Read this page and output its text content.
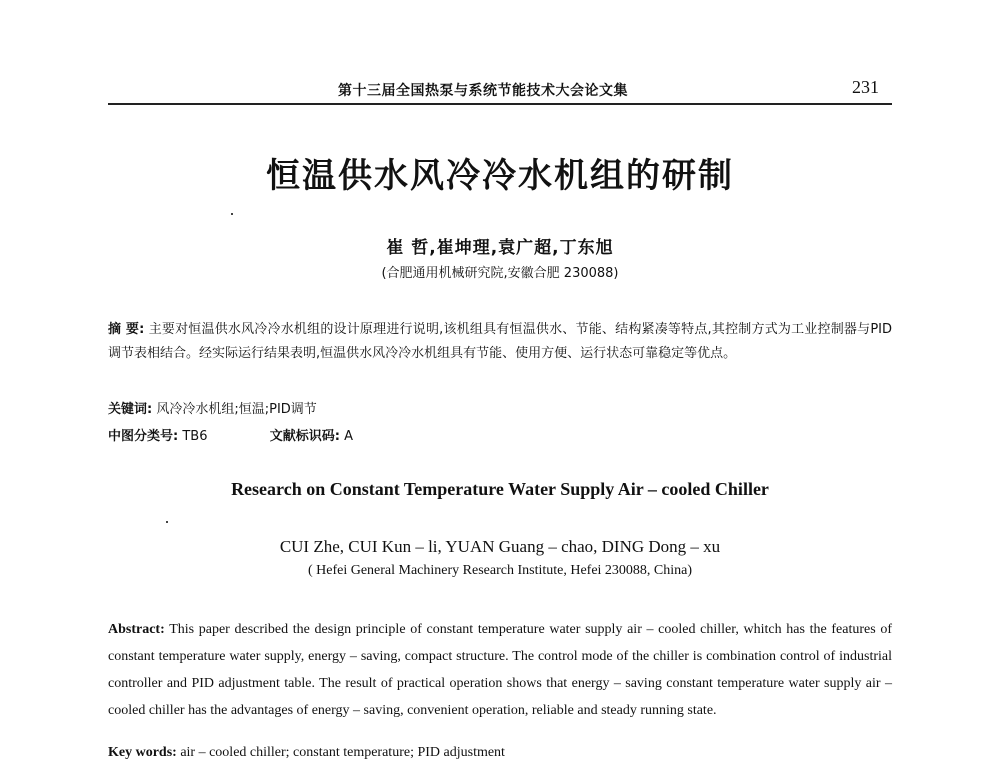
第十三届全国热泵与系统节能技术大会论文集	231
恒温供水风冷冷水机组的研制
崔 哲,崔坤理,袁广超,丁东旭
(合肥通用机械研究院,安徽合肥 230088)
摘 要: 主要对恒温供水风冷冷水机组的设计原理进行说明,该机组具有恒温供水、节能、结构紧凑等特点,其控制方式为工业控制器与PID调节表相结合。经实际运行结果表明,恒温供水风冷冷水机组具有节能、使用方便、运行状态可靠稳定等优点。
关键词: 风冷冷水机组;恒温;PID调节
中图分类号: TB6	文献标识码: A
Research on Constant Temperature Water Supply Air – cooled Chiller
CUI Zhe, CUI Kun – li, YUAN Guang – chao, DING Dong – xu
( Hefei General Machinery Research Institute, Hefei 230088, China)
Abstract: This paper described the design principle of constant temperature water supply air – cooled chiller, whitch has the features of constant temperature water supply, energy – saving, compact structure. The control mode of the chiller is combination control of industrial controller and PID adjustment table. The result of practical operation shows that energy – saving constant temperature water supply air – cooled chiller has the advantages of energy – saving, convenient operation, reliable and steady running state.
Key words: air – cooled chiller; constant temperature; PID adjustment
